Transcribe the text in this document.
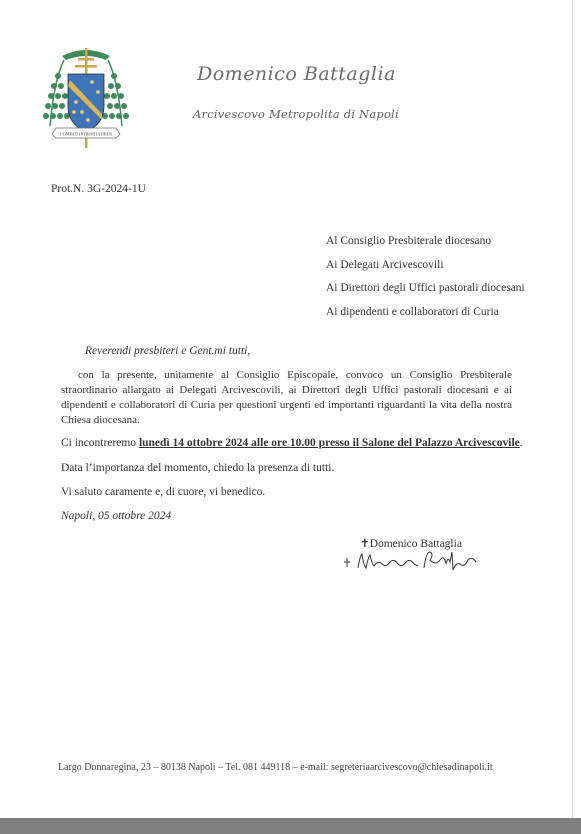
COMPATI INFIRMITATIBUS
Domenico Battaglia
Arcivescovo Metropolita di Napoli
Prot.N. 3G-2024-1U
Al Consiglio Presbiterale diocesano
Ai Delegati Arcivescovili
Ai Direttori degli Uffici pastorali diocesani
Ai dipendenti e collaboratori di Curia
Reverendi presbiteri e Gent.mi tutti,
con la presente, unitamente al Consiglio Episcopale, convoco un Consiglio Presbiterale straordinario allargato ai Delegati Arcivescovili, ai Direttori degli Uffici pastorali diocesani e ai dipendenti e collaboratori di Curia per questioni urgenti ed importanti riguardanti la vita della nostra Chiesa diocesana.
Ci incontreremo lunedì 14 ottobre 2024 alle ore 10.00 presso il Salone del Palazzo Arcivescovile.
Data l’importanza del momento, chiedo la presenza di tutti.
Vi saluto caramente e, di cuore, vi benedico.
Napoli, 05 ottobre 2024
✝Domenico Battaglia
Largo Donnaregina, 23 – 80138 Napoli – Tel. 081 449118 – e-mail: segreteriaarcivescovo@chiesadinapoli.it
